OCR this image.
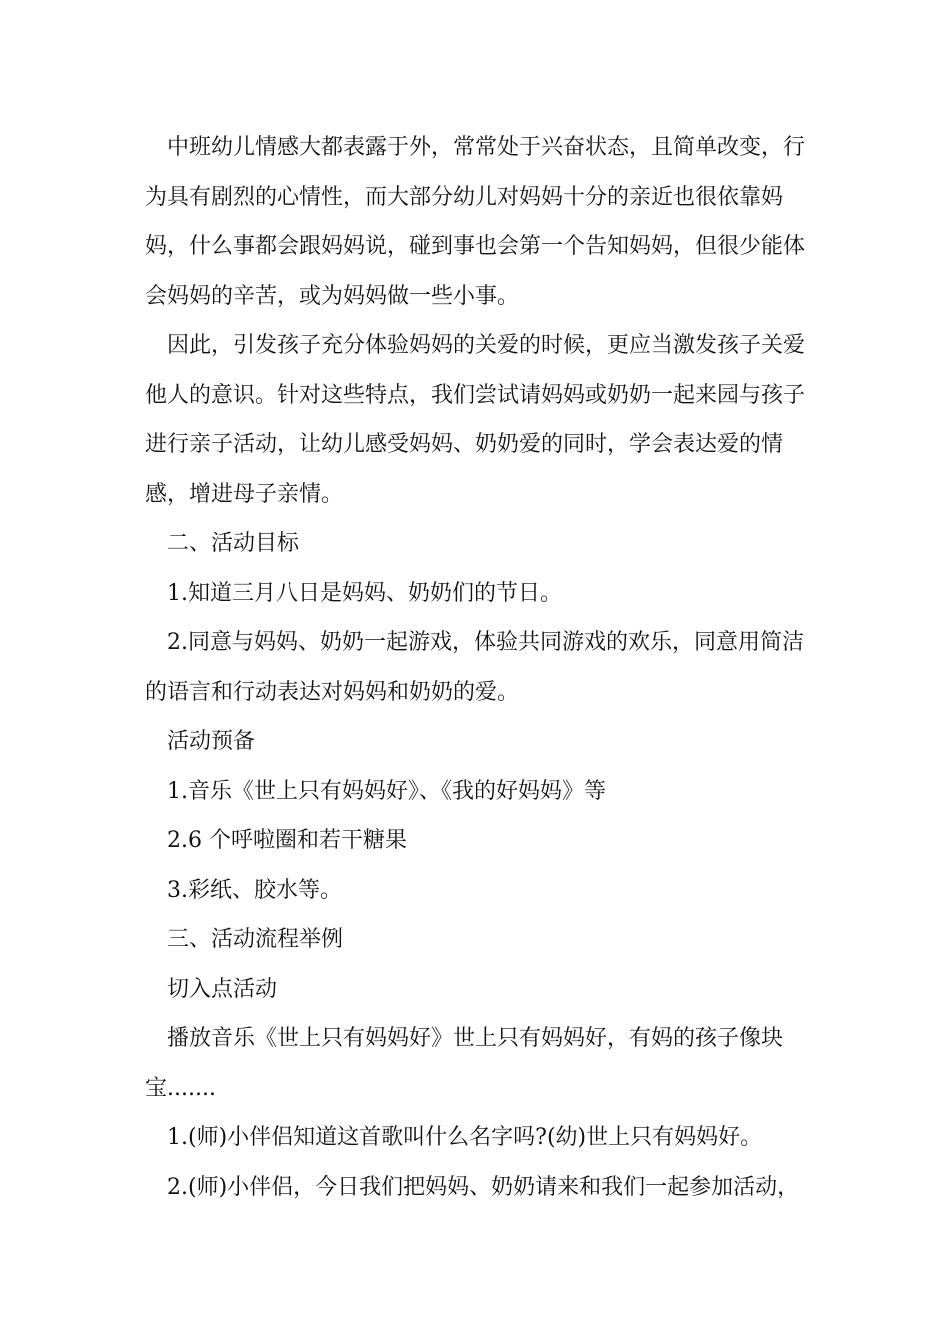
中班幼儿情感大都表露于外，常常处于兴奋状态，且简单改变，行为具有剧烈的心情性，而大部分幼儿对妈妈十分的亲近也很依靠妈妈，什么事都会跟妈妈说，碰到事也会第一个告知妈妈，但很少能体会妈妈的辛苦，或为妈妈做一些小事。

因此，引发孩子充分体验妈妈的关爱的时候，更应当激发孩子关爱他人的意识。针对这些特点，我们尝试请妈妈或奶奶一起来园与孩子进行亲子活动，让幼儿感受妈妈、奶奶爱的同时，学会表达爱的情感，增进母子亲情。

二、活动目标

1.知道三月八日是妈妈、奶奶们的节日。

2.同意与妈妈、奶奶一起游戏，体验共同游戏的欢乐，同意用简洁的语言和行动表达对妈妈和奶奶的爱。

活动预备

1.音乐《世上只有妈妈好》、《我的好妈妈》等

2.6 个呼啦圈和若干糖果

3.彩纸、胶水等。

三、活动流程举例

切入点活动

播放音乐《世上只有妈妈好》世上只有妈妈好，有妈的孩子像块宝.......

1.(师)小伴侣知道这首歌叫什么名字吗?(幼)世上只有妈妈好。

2.(师)小伴侣，今日我们把妈妈、奶奶请来和我们一起参加活动，
